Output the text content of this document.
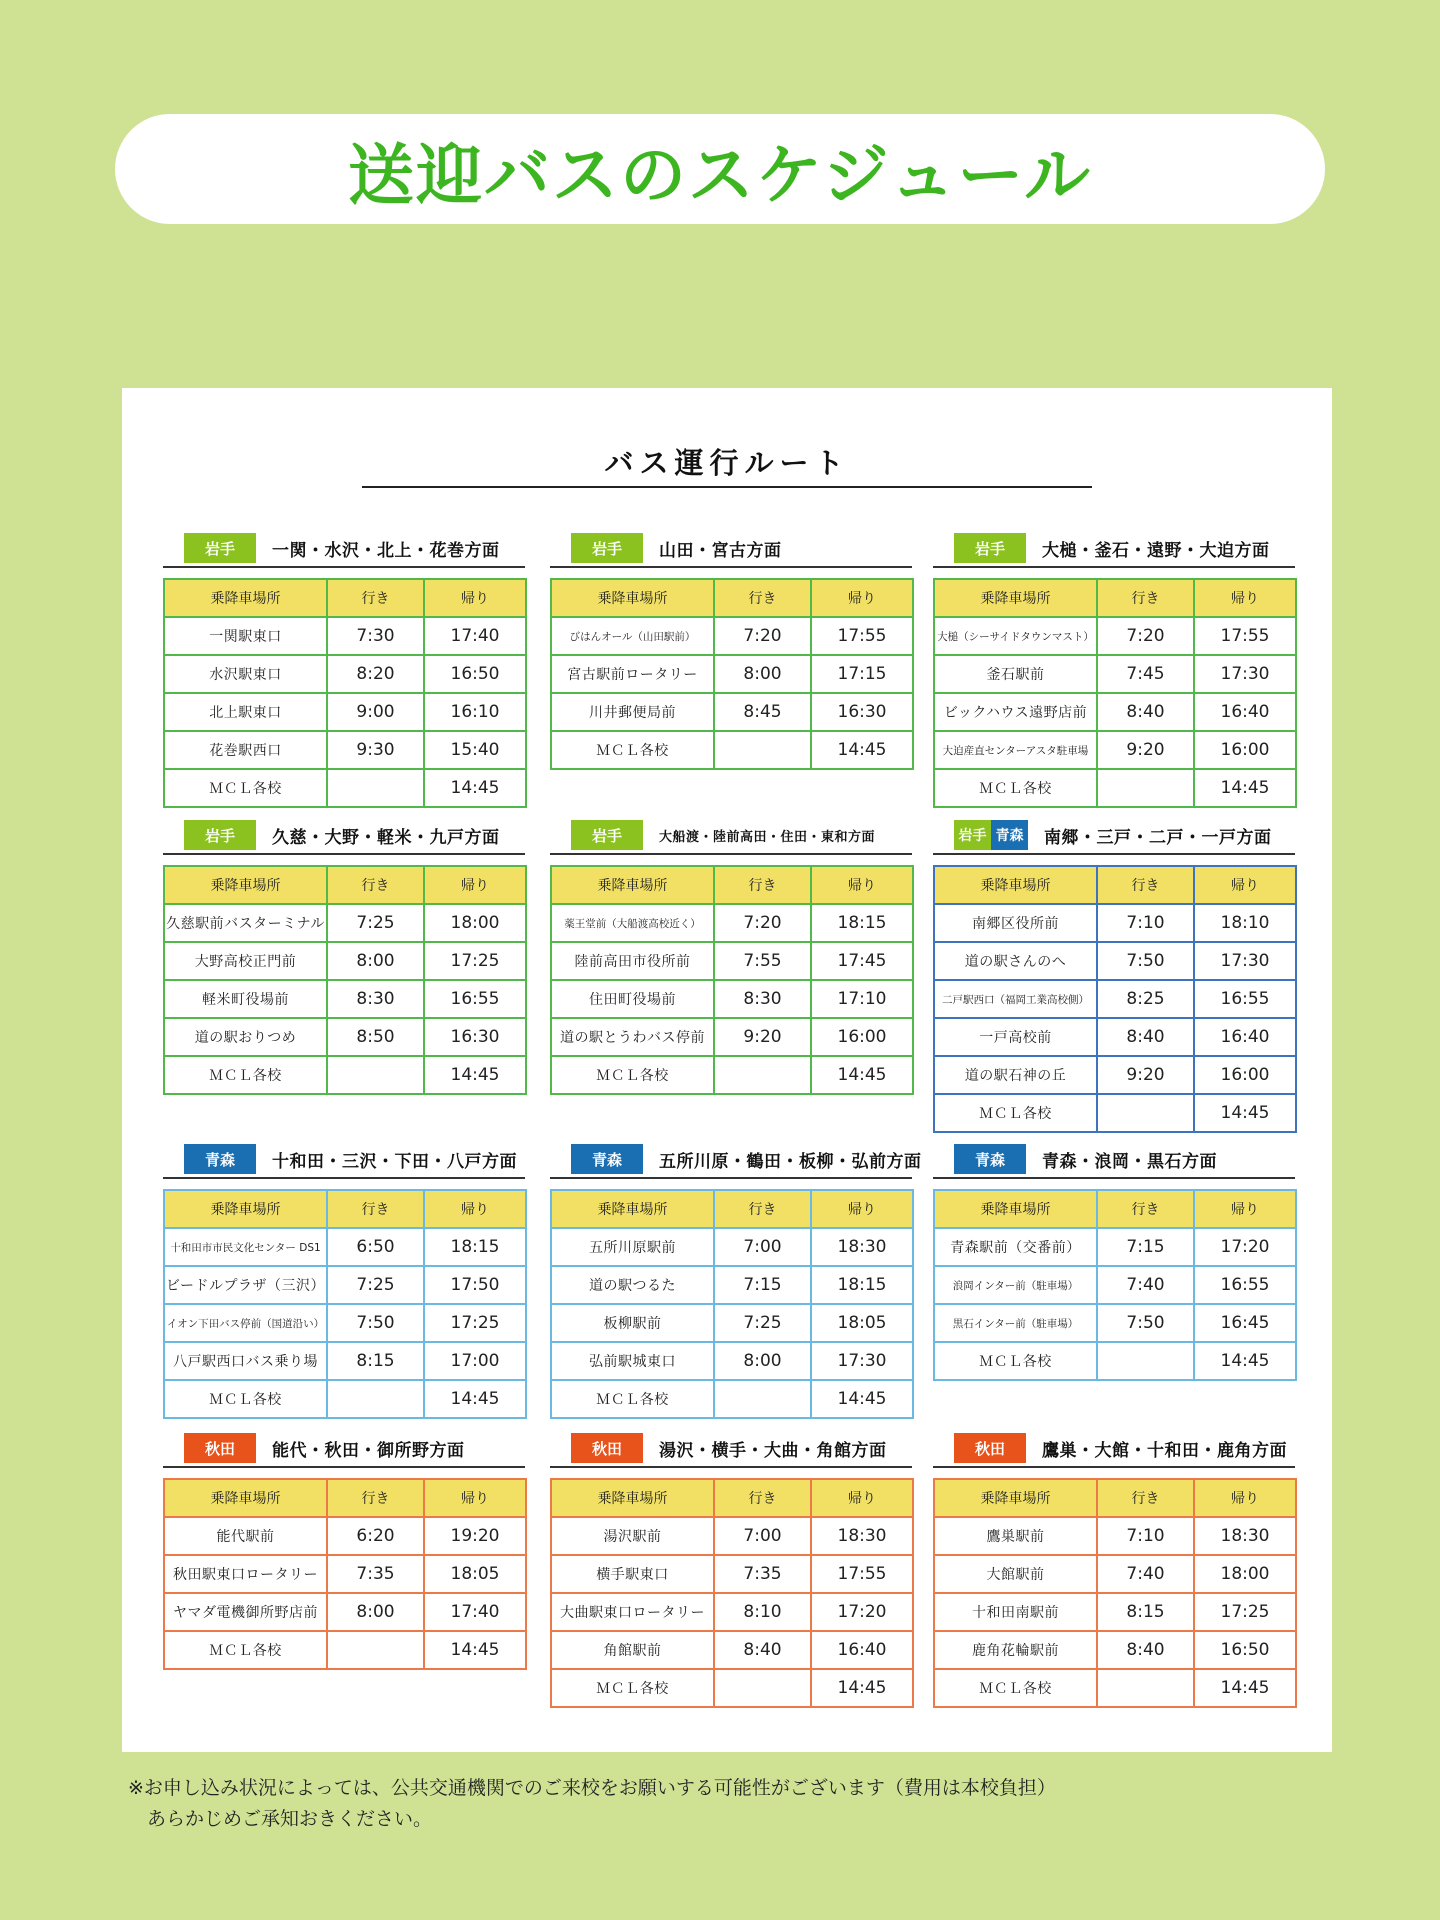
送迎バスのスケジュール
バス運行ルート
岩手	一関・水沢・北上・花巻方面
乗降車場所	行き	帰り
一関駅東口	7:30	17:40
水沢駅東口	8:20	16:50
北上駅東口	9:00	16:10
花巻駅西口	9:30	15:40
ＭＣＬ各校		14:45
岩手	山田・宮古方面
乗降車場所	行き	帰り
びはんオール（山田駅前）	7:20	17:55
宮古駅前ロータリー	8:00	17:15
川井郵便局前	8:45	16:30
ＭＣＬ各校		14:45
岩手	大槌・釜石・遠野・大迫方面
乗降車場所	行き	帰り
大槌（シーサイドタウンマスト）	7:20	17:55
釜石駅前	7:45	17:30
ビックハウス遠野店前	8:40	16:40
大迫産直センターアスタ駐車場	9:20	16:00
ＭＣＬ各校		14:45
岩手	久慈・大野・軽米・九戸方面
乗降車場所	行き	帰り
久慈駅前バスターミナル	7:25	18:00
大野高校正門前	8:00	17:25
軽米町役場前	8:30	16:55
道の駅おりつめ	8:50	16:30
ＭＣＬ各校		14:45
岩手	大船渡・陸前高田・住田・東和方面
乗降車場所	行き	帰り
薬王堂前（大船渡高校近く）	7:20	18:15
陸前高田市役所前	7:55	17:45
住田町役場前	8:30	17:10
道の駅とうわバス停前	9:20	16:00
ＭＣＬ各校		14:45
岩手 青森 南郷・三戸・二戸・一戸方面
乗降車場所	行き	帰り
南郷区役所前	7:10	18:10
道の駅さんのへ	7:50	17:30
二戸駅西口（福岡工業高校側）	8:25	16:55
一戸高校前	8:40	16:40
道の駅石神の丘	9:20	16:00
ＭＣＬ各校		14:45
青森	十和田・三沢・下田・八戸方面
乗降車場所	行き	帰り
十和田市市民文化センター DS1	6:50	18:15
ビードルプラザ（三沢）	7:25	17:50
イオン下田バス停前（国道沿い）	7:50	17:25
八戸駅西口バス乗り場	8:15	17:00
ＭＣＬ各校		14:45
青森	五所川原・鶴田・板柳・弘前方面
乗降車場所	行き	帰り
五所川原駅前	7:00	18:30
道の駅つるた	7:15	18:15
板柳駅前	7:25	18:05
弘前駅城東口	8:00	17:30
ＭＣＬ各校		14:45
青森	青森・浪岡・黒石方面
乗降車場所	行き	帰り
青森駅前（交番前）	7:15	17:20
浪岡インター前（駐車場）	7:40	16:55
黒石インター前（駐車場）	7:50	16:45
ＭＣＬ各校		14:45
秋田	能代・秋田・御所野方面
乗降車場所	行き	帰り
能代駅前	6:20	19:20
秋田駅東口ロータリー	7:35	18:05
ヤマダ電機御所野店前	8:00	17:40
ＭＣＬ各校		14:45
秋田	湯沢・横手・大曲・角館方面
乗降車場所	行き	帰り
湯沢駅前	7:00	18:30
横手駅東口	7:35	17:55
大曲駅東口ロータリー	8:10	17:20
角館駅前	8:40	16:40
ＭＣＬ各校		14:45
秋田	鷹巣・大館・十和田・鹿角方面
乗降車場所	行き	帰り
鷹巣駅前	7:10	18:30
大館駅前	7:40	18:00
十和田南駅前	8:15	17:25
鹿角花輪駅前	8:40	16:50
ＭＣＬ各校		14:45
※お申し込み状況によっては、公共交通機関でのご来校をお願いする可能性がございます（費用は本校負担）
　あらかじめご承知おきください。
